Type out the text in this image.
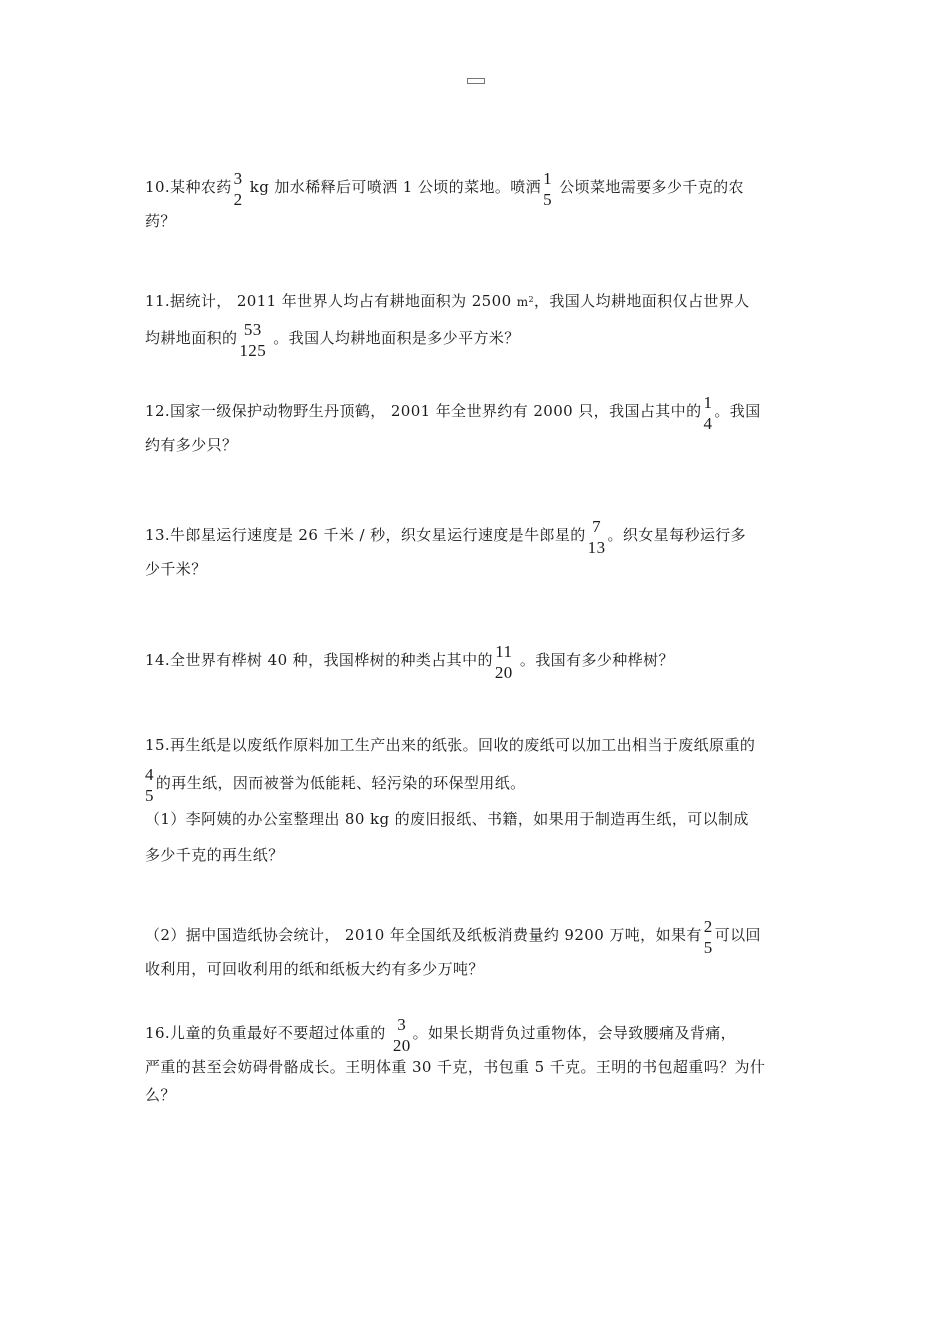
10.某种农药 3
2
kg 加水稀释后可喷洒 1 公顷的菜地。喷洒 1
5
公顷菜地需要多少千克的农
药？
11.据统计， 2011 年世界人均占有耕地面积为 2500 $m^2$，我国人均耕地面积仅占世界人
均耕地面积的 53
125
。我国人均耕地面积是多少平方米？
12.国家一级保护动物野生丹顶鹤， 2001 年全世界约有 2000 只，我国占其中的 1
4
。我国
约有多少只？
13.牛郎星运行速度是 26 千米 / 秒，织女星运行速度是牛郎星的 7
13
。织女星每秒运行多
少千米？
14.全世界有桦树 40 种，我国桦树的种类占其中的 11
20
。我国有多少种桦树？
15.再生纸是以废纸作原料加工生产出来的纸张。回收的废纸可以加工出相当于废纸原重的
4
5
的再生纸，因而被誉为低能耗、轻污染的环保型用纸。
（1）李阿姨的办公室整理出 80 kg 的废旧报纸、书籍，如果用于制造再生纸，可以制成
多少千克的再生纸？
（2）据中国造纸协会统计， 2010 年全国纸及纸板消费量约 9200 万吨，如果有 2
5
可以回
收利用，可回收利用的纸和纸板大约有多少万吨？
16.儿童的负重最好不要超过体重的 3
20
。如果长期背负过重物体，会导致腰痛及背痛，
严重的甚至会妨碍骨骼成长。王明体重 30 千克，书包重 5 千克。王明的书包超重吗？为什
么？
